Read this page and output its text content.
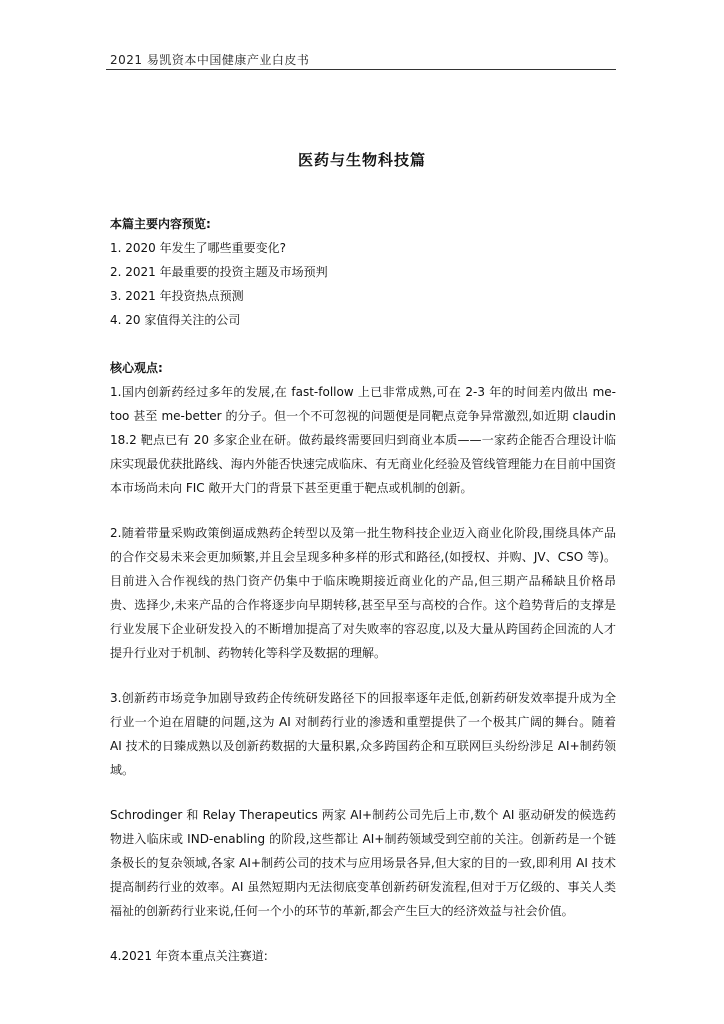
2021 易凯资本中国健康产业白皮书
医药与生物科技篇

本篇主要内容预览:

1. 2020 年发生了哪些重要变化?
2. 2021 年最重要的投资主题及市场预判
3. 2021 年投资热点预测
4. 20 家值得关注的公司

核心观点:

1.国内创新药经过多年的发展,在 fast-follow 上已非常成熟,可在 2-3 年的时间差内做出 me-too 甚至 me-better 的分子。但一个不可忽视的问题便是同靶点竞争异常激烈,如近期 claudin 18.2 靶点已有 20 多家企业在研。做药最终需要回归到商业本质——一家药企能否合理设计临床实现最优获批路线、海内外能否快速完成临床、有无商业化经验及管线管理能力在目前中国资本市场尚未向 FIC 敞开大门的背景下甚至更重于靶点或机制的创新。

2.随着带量采购政策倒逼成熟药企转型以及第一批生物科技企业迈入商业化阶段,围绕具体产品的合作交易未来会更加频繁,并且会呈现多种多样的形式和路径,(如授权、并购、JV、CSO 等)。目前进入合作视线的热门资产仍集中于临床晚期接近商业化的产品,但三期产品稀缺且价格昂贵、选择少,未来产品的合作将逐步向早期转移,甚至早至与高校的合作。这个趋势背后的支撑是行业发展下企业研发投入的不断增加提高了对失败率的容忍度,以及大量从跨国药企回流的人才提升行业对于机制、药物转化等科学及数据的理解。

3.创新药市场竞争加剧导致药企传统研发路径下的回报率逐年走低,创新药研发效率提升成为全行业一个迫在眉睫的问题,这为 AI 对制药行业的渗透和重塑提供了一个极其广阔的舞台。随着 AI 技术的日臻成熟以及创新药数据的大量积累,众多跨国药企和互联网巨头纷纷涉足 AI+制药领域。

Schrodinger 和 Relay Therapeutics 两家 AI+制药公司先后上市,数个 AI 驱动研发的候选药物进入临床或 IND-enabling 的阶段,这些都让 AI+制药领域受到空前的关注。创新药是一个链条极长的复杂领域,各家 AI+制药公司的技术与应用场景各异,但大家的目的一致,即利用 AI 技术提高制药行业的效率。AI 虽然短期内无法彻底变革创新药研发流程,但对于万亿级的、事关人类福祉的创新药行业来说,任何一个小的环节的革新,都会产生巨大的经济效益与社会价值。

4.2021 年资本重点关注赛道:
